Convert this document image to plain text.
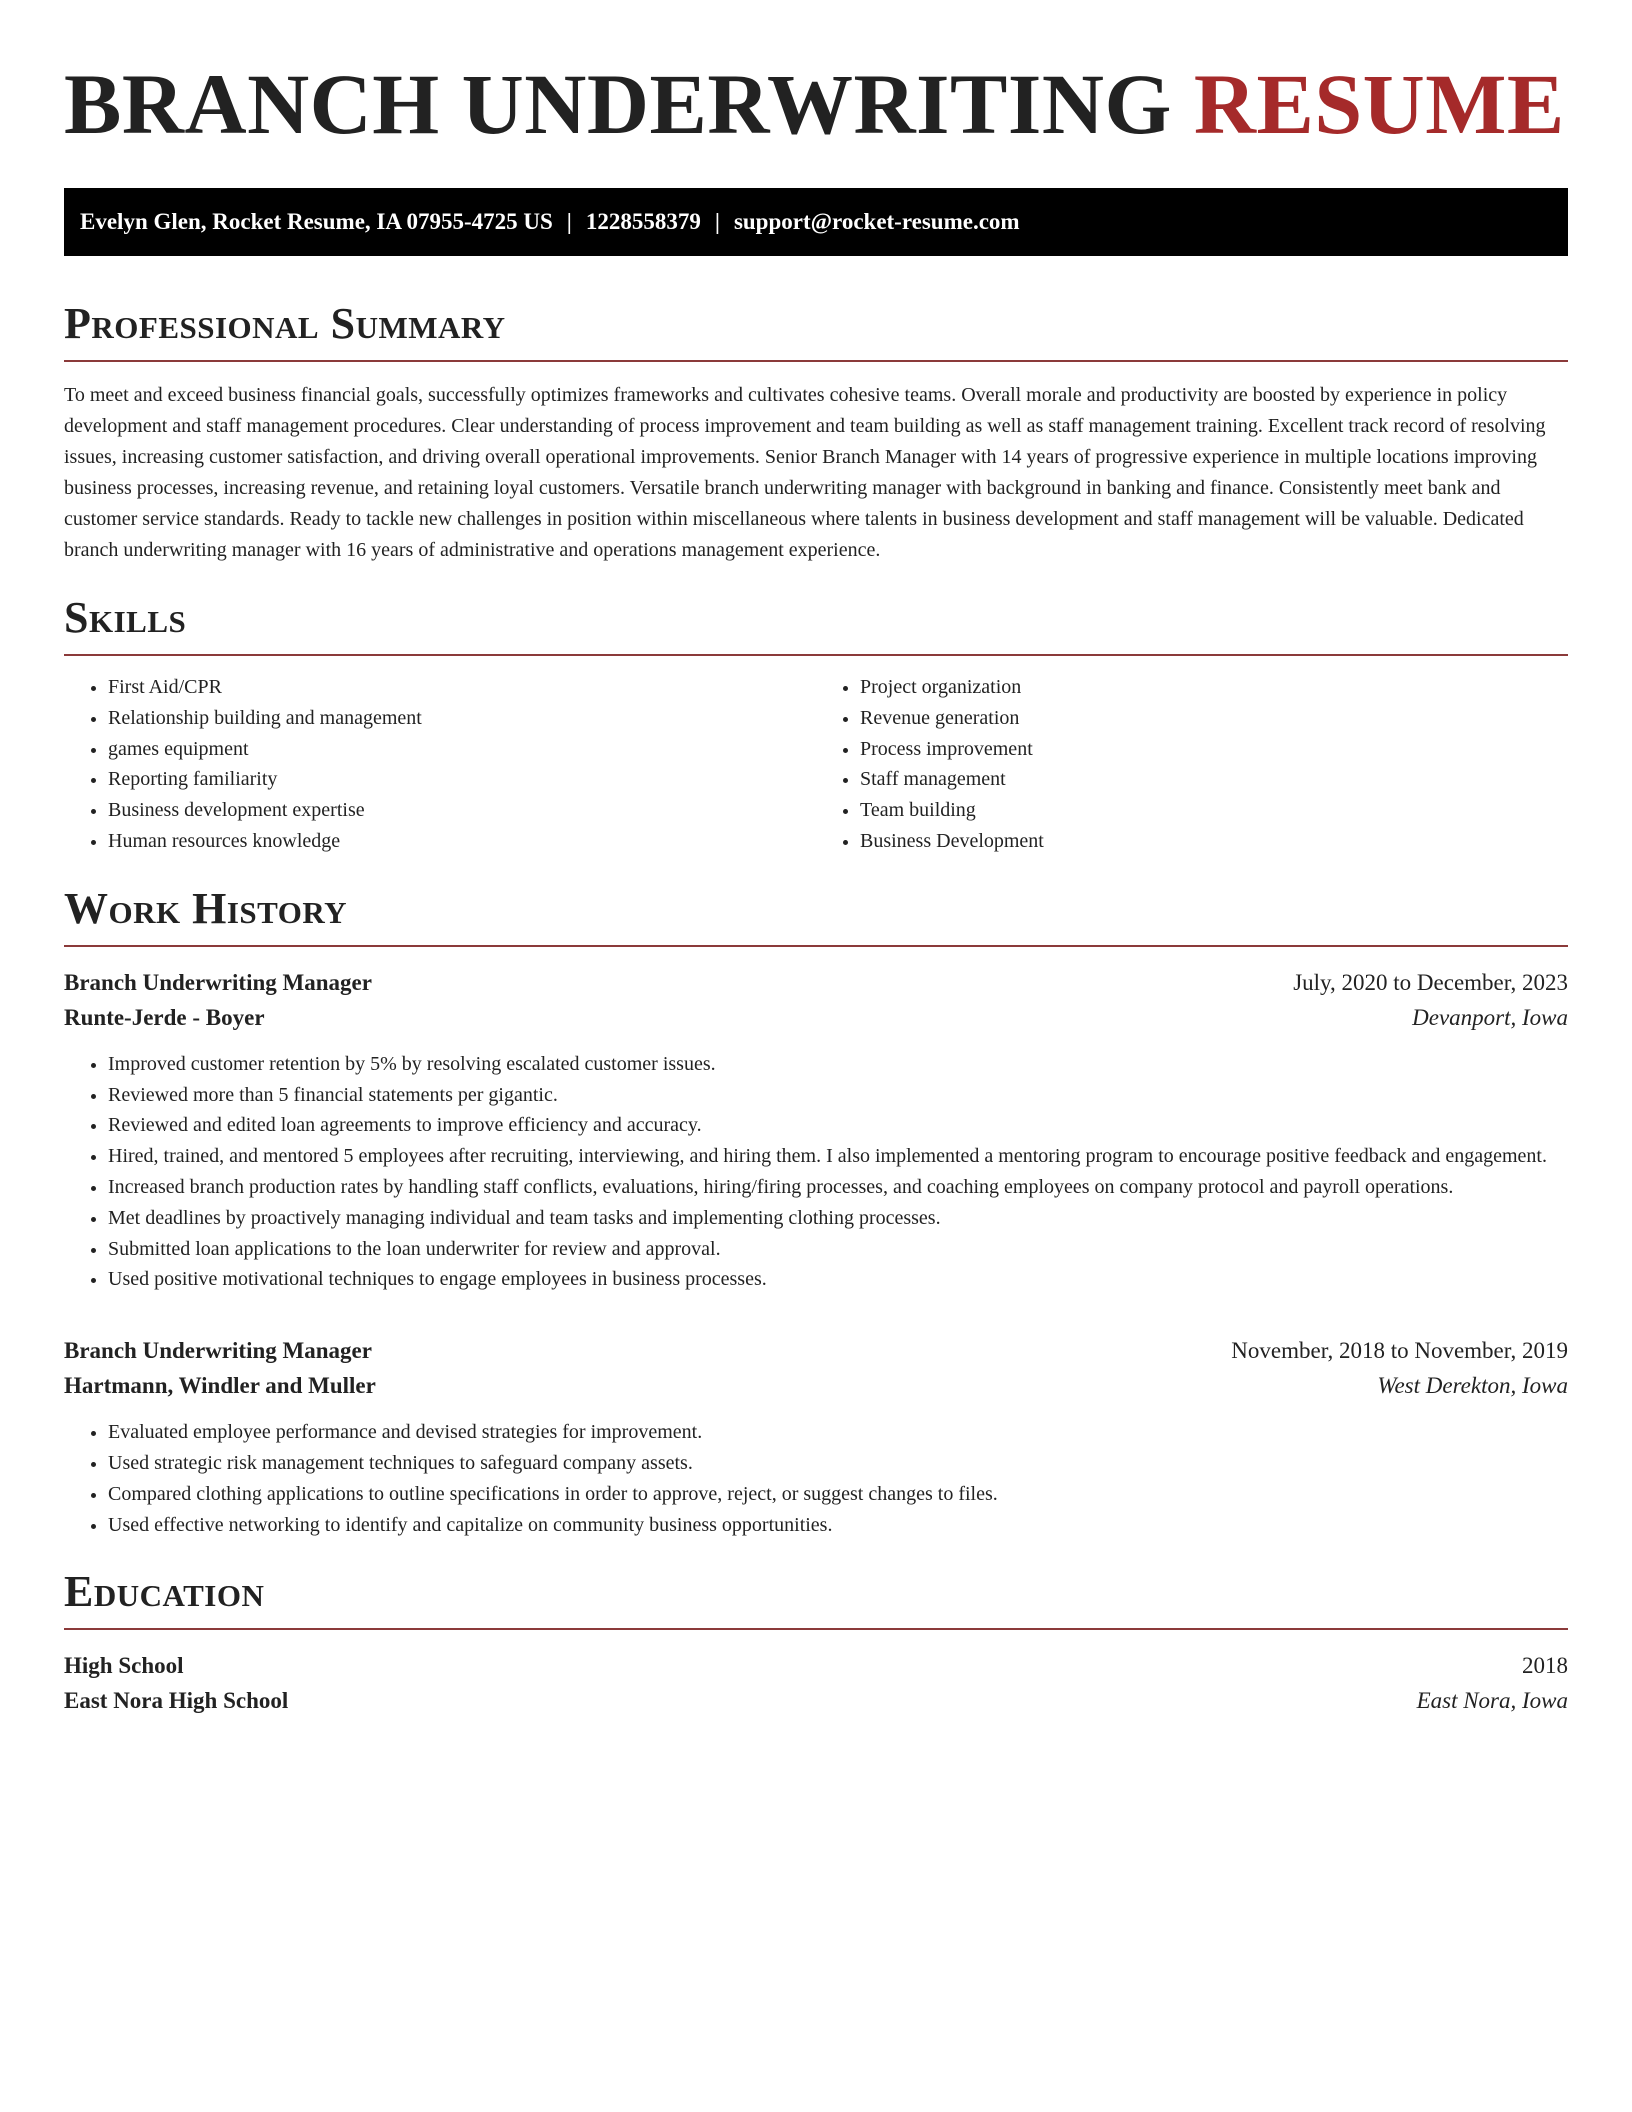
BRANCH UNDERWRITING RESUME
Evelyn Glen, Rocket Resume, IA 07955-4725 US | 1228558379 | support@rocket-resume.com
Professional Summary

To meet and exceed business financial goals, successfully optimizes frameworks and cultivates cohesive teams. Overall morale and productivity are boosted by experience in policy development and staff management procedures. Clear understanding of process improvement and team building as well as staff management training. Excellent track record of resolving issues, increasing customer satisfaction, and driving overall operational improvements. Senior Branch Manager with 14 years of progressive experience in multiple locations improving business processes, increasing revenue, and retaining loyal customers. Versatile branch underwriting manager with background in banking and finance. Consistently meet bank and customer service standards. Ready to tackle new challenges in position within miscellaneous where talents in business development and staff management will be valuable. Dedicated branch underwriting manager with 16 years of administrative and operations management experience.

Skills
• First Aid/CPR
• Relationship building and management
• games equipment
• Reporting familiarity
• Business development expertise
• Human resources knowledge
• Project organization
• Revenue generation
• Process improvement
• Staff management
• Team building
• Business Development
Work History
Branch Underwriting Manager	July, 2020 to December, 2023
Runte-Jerde - Boyer	Devanport, Iowa
• Improved customer retention by 5% by resolving escalated customer issues.
• Reviewed more than 5 financial statements per gigantic.
• Reviewed and edited loan agreements to improve efficiency and accuracy.
• Hired, trained, and mentored 5 employees after recruiting, interviewing, and hiring them. I also implemented a mentoring program to encourage positive feedback and engagement.
• Increased branch production rates by handling staff conflicts, evaluations, hiring/firing processes, and coaching employees on company protocol and payroll operations.
• Met deadlines by proactively managing individual and team tasks and implementing clothing processes.
• Submitted loan applications to the loan underwriter for review and approval.
• Used positive motivational techniques to engage employees in business processes.
Branch Underwriting Manager	November, 2018 to November, 2019
Hartmann, Windler and Muller	West Derekton, Iowa
• Evaluated employee performance and devised strategies for improvement.
• Used strategic risk management techniques to safeguard company assets.
• Compared clothing applications to outline specifications in order to approve, reject, or suggest changes to files.
• Used effective networking to identify and capitalize on community business opportunities.
Education
High School	2018
East Nora High School	East Nora, Iowa
